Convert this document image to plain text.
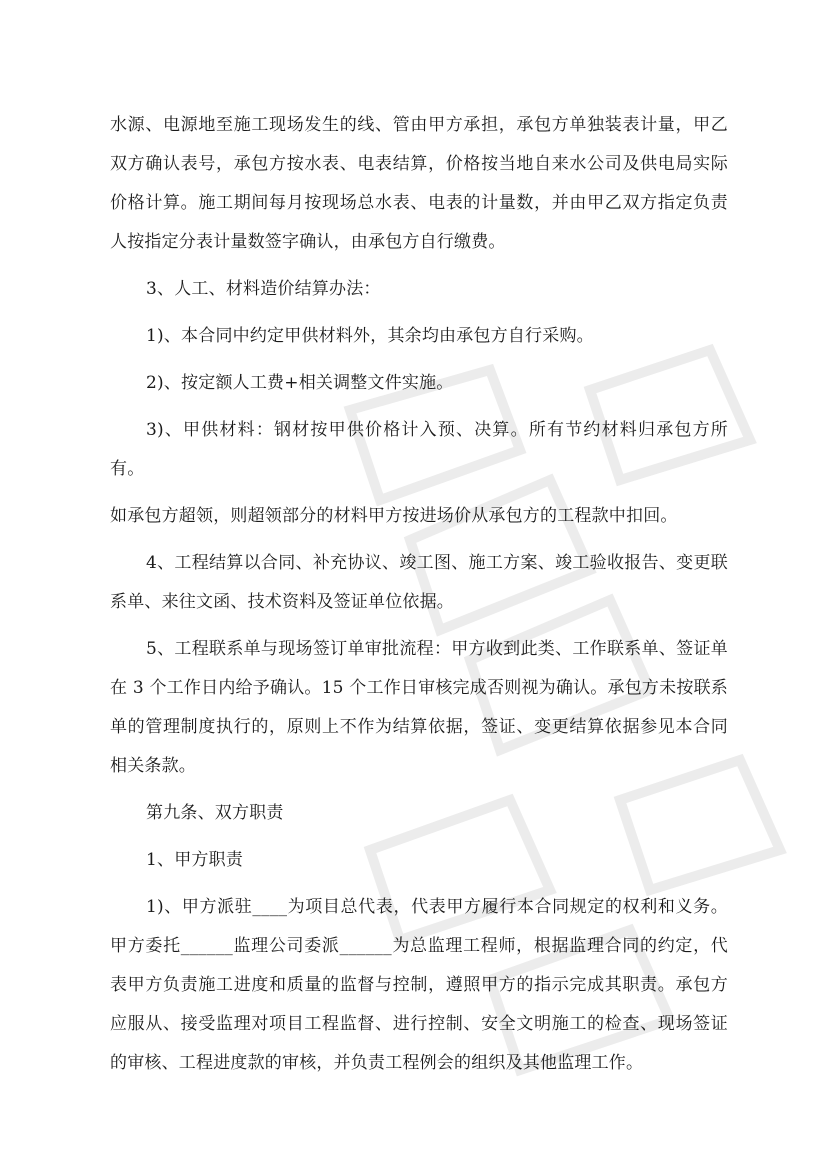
水源、电源地至施工现场发生的线、管由甲方承担，承包方单独装表计量，甲乙双方确认表号，承包方按水表、电表结算，价格按当地自来水公司及供电局实际价格计算。施工期间每月按现场总水表、电表的计量数，并由甲乙双方指定负责人按指定分表计量数签字确认，由承包方自行缴费。

3、人工、材料造价结算办法：

1)、本合同中约定甲供材料外，其余均由承包方自行采购。

2)、按定额人工费+相关调整文件实施。

3)、甲供材料：钢材按甲供价格计入预、决算。所有节约材料归承包方所有。

如承包方超领，则超领部分的材料甲方按进场价从承包方的工程款中扣回。

4、工程结算以合同、补充协议、竣工图、施工方案、竣工验收报告、变更联系单、来往文函、技术资料及签证单位依据。

5、工程联系单与现场签订单审批流程：甲方收到此类、工作联系单、签证单在 3 个工作日内给予确认。15 个工作日审核完成否则视为确认。承包方未按联系单的管理制度执行的，原则上不作为结算依据，签证、变更结算依据参见本合同相关条款。

第九条、双方职责

1、甲方职责

1)、甲方派驻____为项目总代表，代表甲方履行本合同规定的权利和义务。甲方委托______监理公司委派______为总监理工程师，根据监理合同的约定，代表甲方负责施工进度和质量的监督与控制，遵照甲方的指示完成其职责。承包方应服从、接受监理对项目工程监督、进行控制、安全文明施工的检查、现场签证的审核、工程进度款的审核，并负责工程例会的组织及其他监理工作。
